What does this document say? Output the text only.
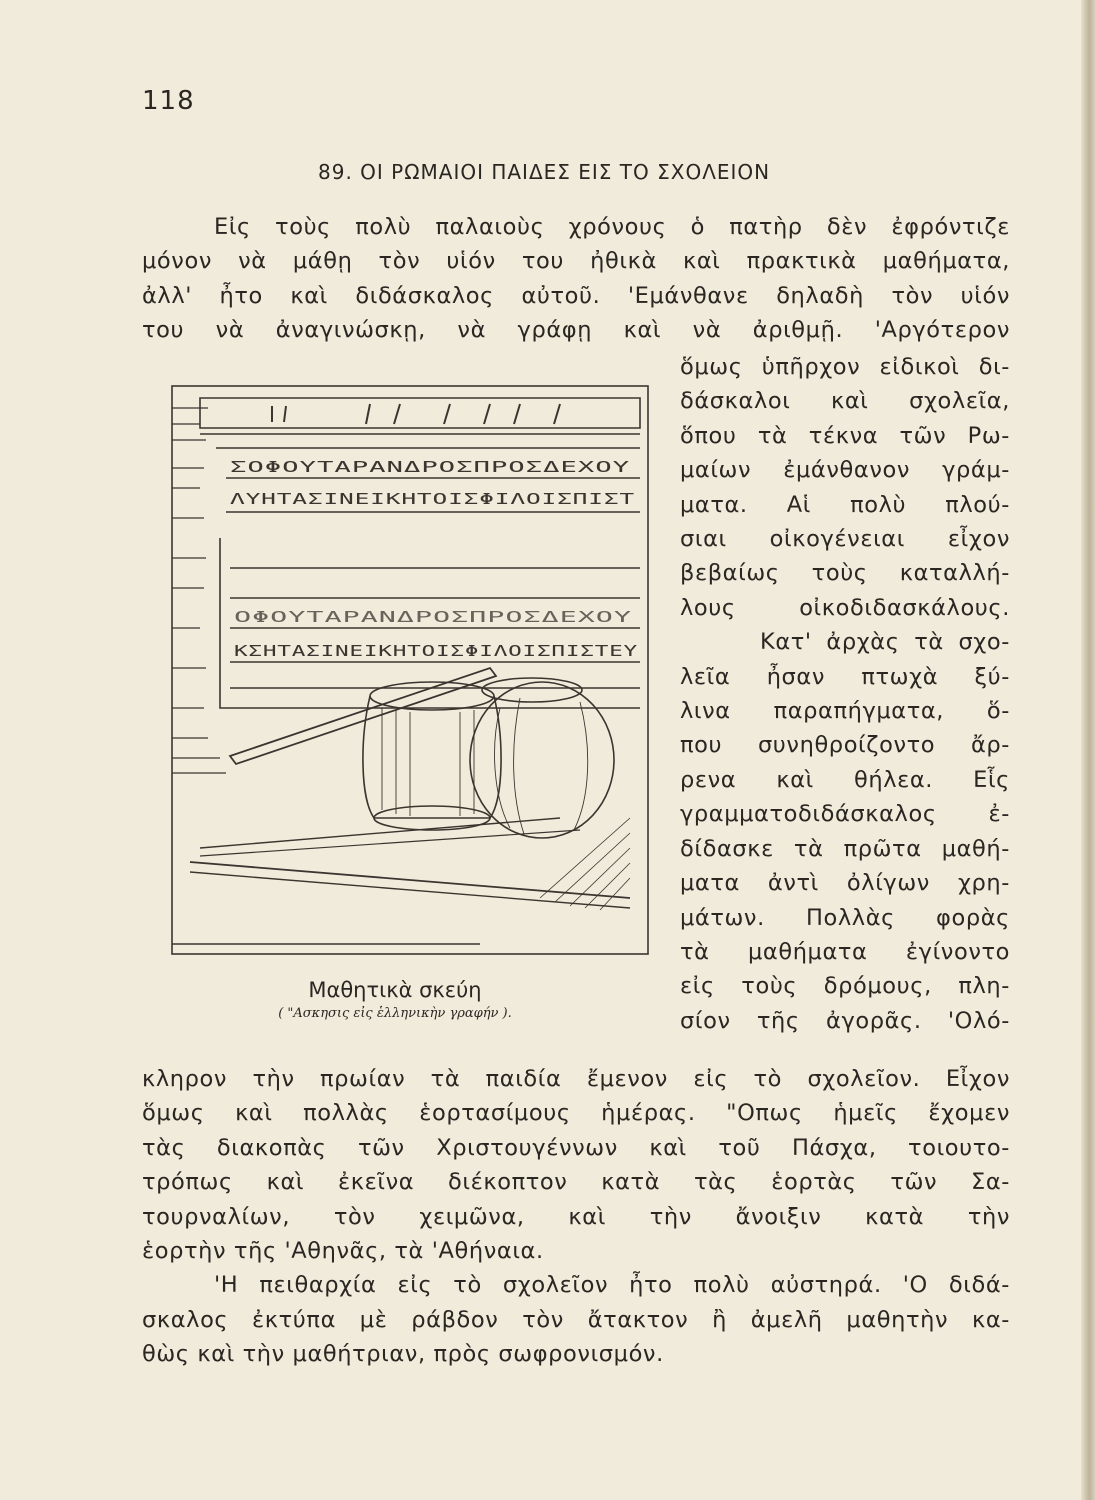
118
89. ΟΙ ΡΩΜΑΙΟΙ ΠΑΙΔΕΣ ΕΙΣ ΤΟ ΣΧΟΛΕΙΟΝ
Εἰς τοὺς πολὺ παλαιοὺς χρόνους ὁ πατὴρ δὲν ἐφρόντιζε
μόνον νὰ μάθῃ τὸν υἱόν του ἠθικὰ καὶ πρακτικὰ μαθήματα,
ἀλλ' ἦτο καὶ διδάσκαλος αὐτοῦ. 'Εμάνθανε δηλαδὴ τὸν υἱόν
του νὰ ἀναγινώσκῃ, νὰ γράφῃ καὶ νὰ ἀριθμῇ. 'Αργότερον
ὅμως ὑπῆρχον εἰδικοὶ δι-
δάσκαλοι καὶ σχολεῖα,
ὅπου τὰ τέκνα τῶν Ρω-
μαίων ἐμάνθανον γράμ-
ματα. Αἱ πολὺ πλού-
σιαι οἰκογένειαι εἶχον
βεβαίως τοὺς καταλλή-
λους οἰκοδιδασκάλους.
Κατ' ἀρχὰς τὰ σχο-
λεῖα ἦσαν πτωχὰ ξύ-
λινα παραπήγματα, ὅ-
που συνηθροίζοντο ἄρ-
ρενα καὶ θήλεα. Εἷς
γραμματοδιδάσκαλος ἐ-
δίδασκε τὰ πρῶτα μαθή-
ματα ἀντὶ ὀλίγων χρη-
μάτων. Πολλὰς φορὰς
τὰ μαθήματα ἐγίνοντο
εἰς τοὺς δρόμους, πλη-
σίον τῆς ἀγορᾶς. 'Ολό-
ΣΟΦΟΥΤΑΡΑΝΔΡΟΣΠΡΟΣΔΕΧΟΥ
ΛΥΗΤΑΣΙΝΕΙΚΗΤΟΙΣΦΙΛΟΙΣΠΙΣΤ
ΟΦΟΥΤΑΡΑΝΔΡΟΣΠΡΟΣΔΕΧΟΥ
ΚΣΗΤΑΣΙΝΕΙΚΗΤΟΙΣΦΙΛΟΙΣΠΙΣΤΕΥ
Μαθητικὰ σκεύη
( "Ασκησις εἰς ἑλληνικὴν γραφήν ).
κληρον τὴν πρωίαν τὰ παιδία ἔμενον εἰς τὸ σχολεῖον. Εἶχον
ὅμως καὶ πολλὰς ἑορτασίμους ἡμέρας. "Οπως ἡμεῖς ἔχομεν
τὰς διακοπὰς τῶν Χριστουγέννων καὶ τοῦ Πάσχα, τοιουτο-
τρόπως καὶ ἐκεῖνα διέκοπτον κατὰ τὰς ἑορτὰς τῶν Σα-
τουρναλίων, τὸν χειμῶνα, καὶ τὴν ἄνοιξιν κατὰ τὴν
ἑορτὴν τῆς 'Αθηνᾶς, τὰ 'Αθήναια.
'Η πειθαρχία εἰς τὸ σχολεῖον ἦτο πολὺ αὐστηρά. 'Ο διδά-
σκαλος ἐκτύπα μὲ ράβδον τὸν ἄτακτον ἢ ἀμελῆ μαθητὴν κα-
θὼς καὶ τὴν μαθήτριαν, πρὸς σωφρονισμόν.
